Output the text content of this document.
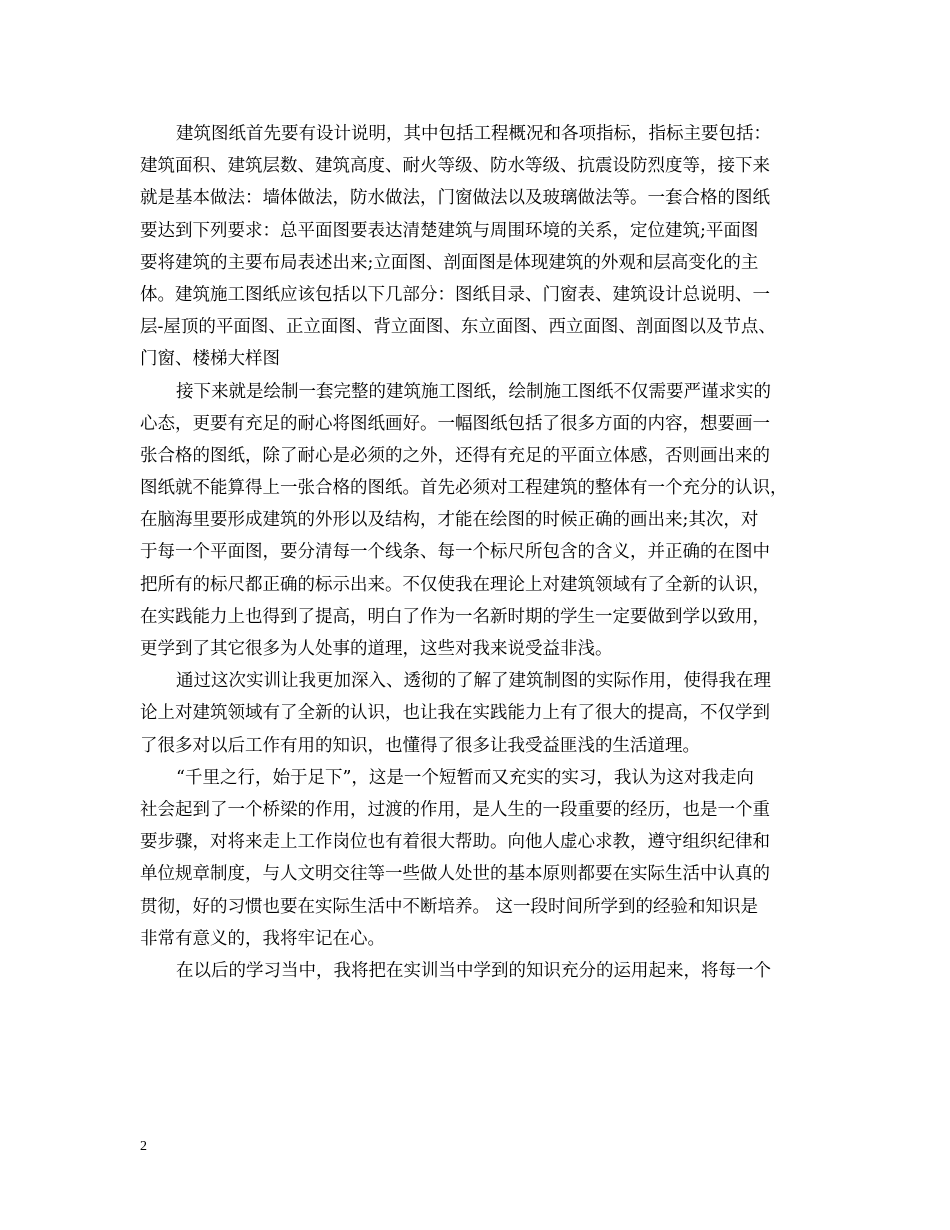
建筑图纸首先要有设计说明，其中包括工程概况和各项指标，指标主要包括：
建筑面积、建筑层数、建筑高度、耐火等级、防水等级、抗震设防烈度等，接下来
就是基本做法：墙体做法，防水做法，门窗做法以及玻璃做法等。一套合格的图纸
要达到下列要求：总平面图要表达清楚建筑与周围环境的关系，定位建筑;平面图
要将建筑的主要布局表述出来;立面图、剖面图是体现建筑的外观和层高变化的主
体。建筑施工图纸应该包括以下几部分：图纸目录、门窗表、建筑设计总说明、一
层-屋顶的平面图、正立面图、背立面图、东立面图、西立面图、剖面图以及节点、
门窗、楼梯大样图
接下来就是绘制一套完整的建筑施工图纸，绘制施工图纸不仅需要严谨求实的
心态，更要有充足的耐心将图纸画好。一幅图纸包括了很多方面的内容，想要画一
张合格的图纸，除了耐心是必须的之外，还得有充足的平面立体感，否则画出来的
图纸就不能算得上一张合格的图纸。首先必须对工程建筑的整体有一个充分的认识，
在脑海里要形成建筑的外形以及结构，才能在绘图的时候正确的画出来;其次，对
于每一个平面图，要分清每一个线条、每一个标尺所包含的含义，并正确的在图中
把所有的标尺都正确的标示出来。不仅使我在理论上对建筑领域有了全新的认识，
在实践能力上也得到了提高，明白了作为一名新时期的学生一定要做到学以致用，
更学到了其它很多为人处事的道理，这些对我来说受益非浅。
通过这次实训让我更加深入、透彻的了解了建筑制图的实际作用，使得我在理
论上对建筑领域有了全新的认识，也让我在实践能力上有了很大的提高，不仅学到
了很多对以后工作有用的知识，也懂得了很多让我受益匪浅的生活道理。
“千里之行，始于足下”，这是一个短暂而又充实的实习，我认为这对我走向
社会起到了一个桥梁的作用，过渡的作用，是人生的一段重要的经历，也是一个重
要步骤，对将来走上工作岗位也有着很大帮助。向他人虚心求教，遵守组织纪律和
单位规章制度，与人文明交往等一些做人处世的基本原则都要在实际生活中认真的
贯彻，好的习惯也要在实际生活中不断培养。 这一段时间所学到的经验和知识是
非常有意义的，我将牢记在心。
在以后的学习当中，我将把在实训当中学到的知识充分的运用起来，将每一个
2
